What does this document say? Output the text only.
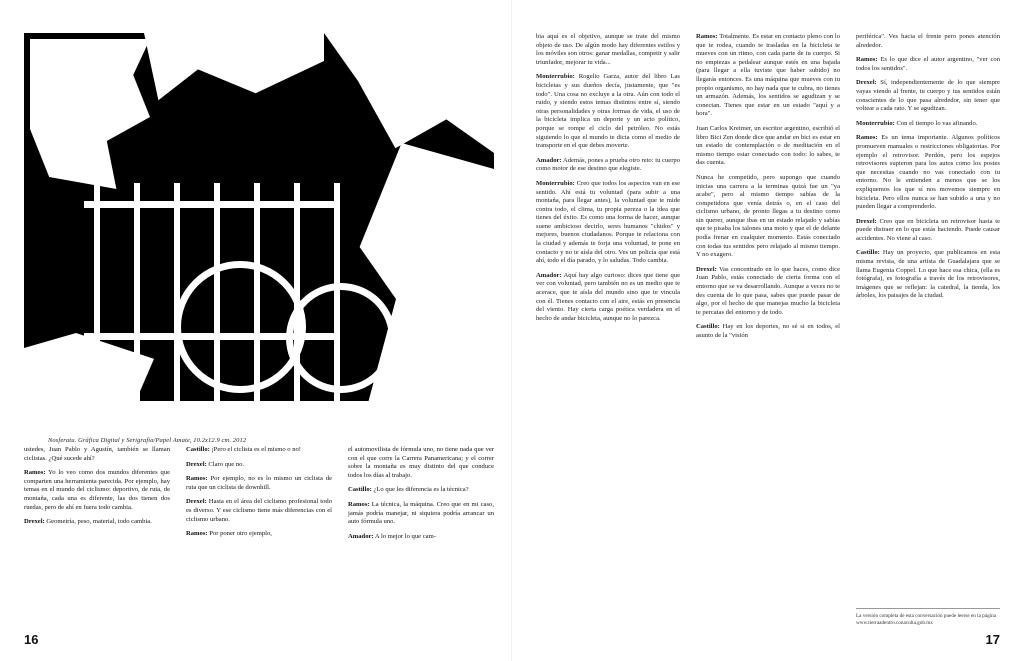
Nosferatu. Gráfica Digital y Serigrafía/Papel Amate, 10.2x12.9 cm. 2012

ustedes, Juan Pablo y Agustín, también se llaman ciclistas. ¿Qué sucede ahí?

Ramos: Yo lo veo como dos mundos diferentes que comparten una herramienta parecida. Por ejemplo, hay temas en el mundo del ciclismo: deportivo, de ruta, de montaña, cada una es diferente, las dos tienen dos ruedas, pero de ahí en fuera todo cambia.

Drexel: Geometría, peso, material, todo cambia.

Castillo: ¡Pero el ciclista es el mismo o no!

Drexel: Claro que no.

Ramos: Por ejemplo, no es lo mismo un ciclista de ruta que un ciclista de downhill.

Drexel: Hasta en el área del ciclismo profesional todo es diverso. Y ese ciclismo tiene más diferencias con el ciclismo urbano.

Ramos: Por poner otro ejemplo,

el automovilista de fórmula uno, no tiene nada que ver con el que corre la Carrera Panamericana; y el correr sobre la montaña es muy distinto del que conduce todos los días al trabajo.

Castillo: ¿Lo que les diferencia es la técnica?

Ramos: La técnica, la máquina. Creo que en mi caso, jamás podría manejar, ni siquiera podría arrancar un auto fórmula uno.

Amador: A lo mejor lo que cam-

16

bia aquí es el objetivo, aunque se trate del mismo objeto de uso. De algún modo hay diferentes estilos y los móviles son otros: ganar medallas, competir y salir triunfador, mejorar tu vida...

Monterrubio: Rogelio Garza, autor del libro Las bicicletas y sus dueños decía, justamente, que "es todo". Una cosa no excluye a la otra. Aún con todo el ruido, y siendo estos temas distintos entre sí, siendo otras personalidades y otras formas de vida, el uso de la bicicleta implica un deporte y un acto político, porque se rompe el ciclo del petróleo. No estás siguiendo lo que el mundo te dicta como el medio de transporte en el que debes moverte.

Amador: Además, pones a prueba otro reto: tu cuerpo como motor de ese destino que elegiste.

Monterrubio: Creo que todos los aspectos van en ese sentido. Ahí está tu voluntad (para subir a una montaña, para llegar antes), la voluntad que te mide contra todo, el clima, tu propia pereza o la idea que tienes del éxito. Es como una forma de hacer, aunque suene ambicioso decirlo, seres humanos "chidos" y mejores, buenos ciudadanos. Porque te relaciona con la ciudad y además te forja una voluntad, te pone en contacto y no te aísla del otro. Ves un policía que está ahí, todo el día parado, y lo saludas. Todo cambia.

Amador: Aquí hay algo curioso: dices que tiene que ver con voluntad, pero también no es un medio que te acerace, que te aísla del mundo sino que te vincula con él. Tienes contacto con el aire, estás en presencia del viento. Hay cierta carga poética verdadera en el hecho de andar bicicleta, aunque no lo parezca.

Ramos: Totalmente. Es estar en contacto pleno con lo que te rodea, cuando te trasladas en la bicicleta te mueves con un ritmo, con cada parte de tu cuerpo. Si no empiezas a pedalear aunque estés en una bajada (para llegar a ella tuviste que haber subido) no llegarás entonces. Es una máquina que mueves con tu propio organismo, no hay nada que te cubra, no tienes un armazón. Además, los sentidos se agudizan y se conectan. Tienes que estar en un estado "aquí y a hora".

Juan Carlos Kreimer, un escritor argentino, escribió el libro Bici Zen donde dice que andar en bici es estar en un estado de contemplación o de meditación en el mismo tiempo estar conectado con todo: lo sabes, te das cuenta.

Nunca he competido, pero supongo que cuando inicias una carrera a la terminas quizá fue un "ya acabe", pero al mismo tiempo sabías de la competidora que venía detrás o, en el caso del ciclismo urbano, de pronto llegas a tu destino como sin querer, aunque ibas en un estado relajado y sabías que te pisaba los talones una moto y que el de delante podía frenar en cualquier momento. Estás conectado con todas tus sentidos pero relajado al mismo tiempo. Y no exagero.

Drexel: Vas concentrado en lo que haces, como dice Juan Pablo, estás conectado de cierta forma con el entorno que se va desarrollando. Aunque a veces no te des cuenta de lo que pasa, sabes que puede pasar de algo, por el hecho de que manejas mucho la bicicleta te percatas del entorno y de todo.

Castillo: Hay en los deportes, no sé si en todos, el asunto de la "visión

periférica". Ves hacia el frente pero pones atención alrededor.

Ramos: Es lo que dice el autor argentino, "ver con todos los sentidos".

Drexel: Sí, independientemente de lo que siempre vayas viendo al frente, tu cuerpo y tus sentidos están conscientes de lo que pasa alrededor, sin tener que voltear a cada rato. Y se agudizan.

Monterrubio: Con el tiempo lo vas afinando.

Ramos: Es un tema importante. Algunos políticos promueven manuales o restricciones obligatorias. Por ejemplo el retrovisor. Perdón, pero los espejos retrovisores supieron para los autos como los postes que necesitas cuando no vas conectado con tu entorno. No le entienden a menos que se los expliquemos los que sí nos movemos siempre en bicicleta. Pero ellos nunca se han subido a una y no pueden llegar a comprenderlo.

Drexel: Creo que en bicicleta un retrovisor hasta te puede distraer en lo que estás haciendo. Puede causar accidentes. No viene al caso.

Castillo: Hay un proyecto, que publicamos en esta misma revista, de una artista de Guadalajara que se llama Eugenia Coppel. Lo que hace esa chica, (ella es fotógrafa), es fotografía a través de los retrovisores, imágenes que se reflejan: la catedral, la tienda, los árboles, los paisajes de la ciudad.

La versión completa de esta conversación puede leerse en la página www.tierraadentro.conaculta.gob.mx
17
